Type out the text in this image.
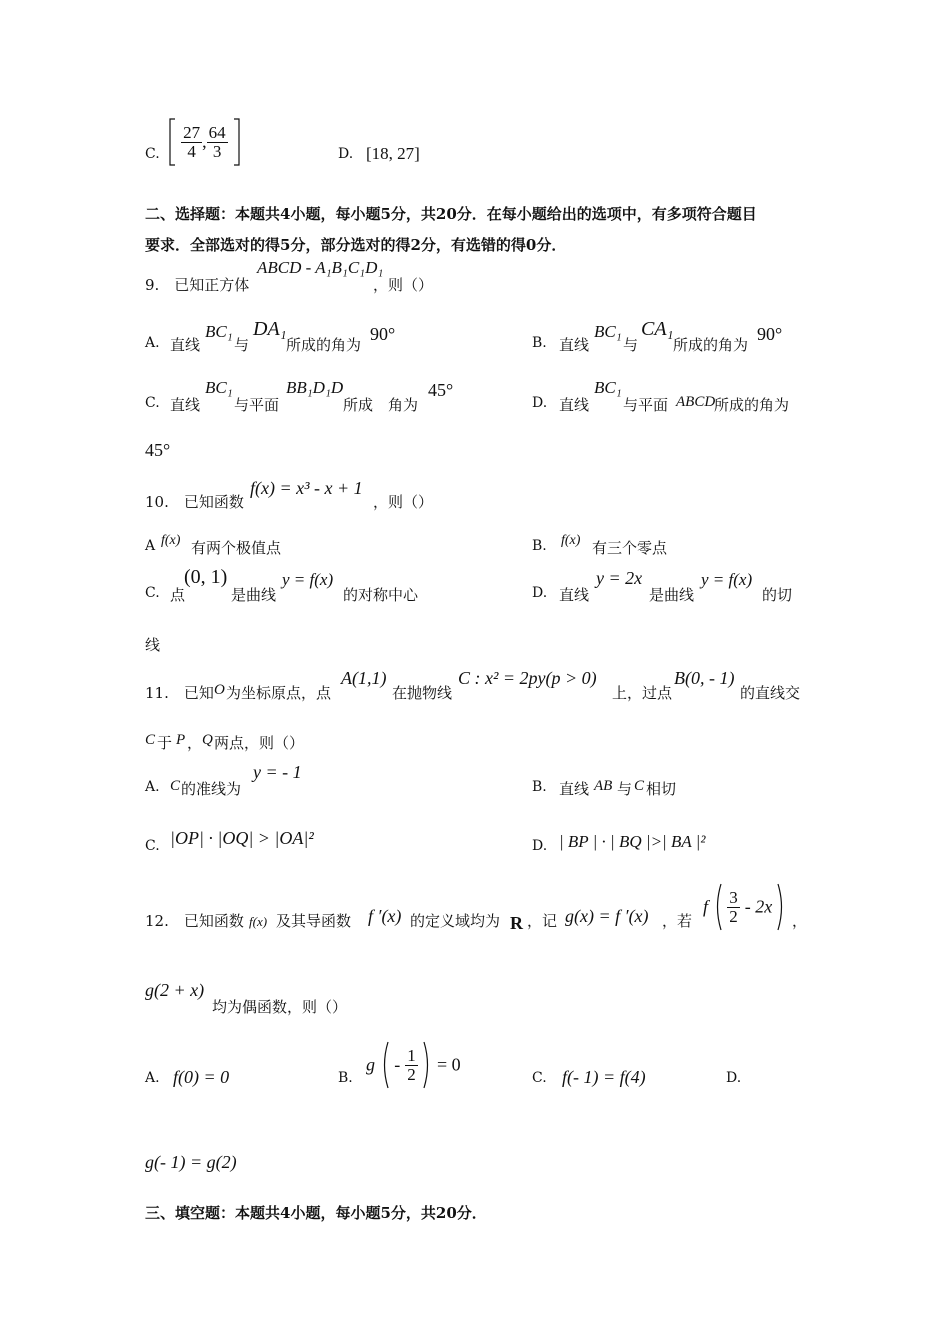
C.
$\frac{27}{4}$ , $\frac{64}{3}$
	D. [18, 27]
二、选择题：本题共4小题，每小题5分，共20分．在每小题给出的选项中，有多项符合题目
要求．全部选对的得5分，部分选对的得2分，有选错的得0分．
9.　已知正方体
ABCD - A₁B₁C₁D₁
，则（）
A. 直线
BC₁
与
DA₁
所成的角为
90°	B. 直线
BC₁
与
CA₁
所成的角为
90°
C. 直线
BC₁
与平面
BB₁D₁D
所成　角为
45°
D. 直线
BC₁
与平面 ABCD
所成的角为
45°
10.　已知函数
f(x) = x³ - x + 1
，则（）
A f(x) 有两个极值点	B. f(x) 有三个零点
C. 点
(0, 1)
是曲线
y = f(x)
的对称中心	D. 直线
y = 2x
是曲线
y = f(x)
的切
线
11.　已知 O 为坐标原点，点
A(1,1)
在抛物线
C : x² = 2py(p > 0)
上，过点
B(0, - 1)
的直线交
C 于 P ， Q 两点，则（）
A. C 的准线为
y = - 1
B. 直线 AB 与 C 相切
C. |OP| · |OQ| > |OA|²	D. | BP | · | BQ |>| BA |²
12.　已知函数 f(x) 及其导函数 f ′(x) 的定义域均为 R ，记 g(x) = f ′(x) ，若
f $\frac{3}{2} - 2x$
，
g(2 + x)
均为偶函数，则（）
A. f(0) = 0	B.
$g - \frac{1}{2} = 0$
C. f(- 1) = f(4)	D.
g(- 1) = g(2)
三、填空题：本题共4小题，每小题5分，共20分．
